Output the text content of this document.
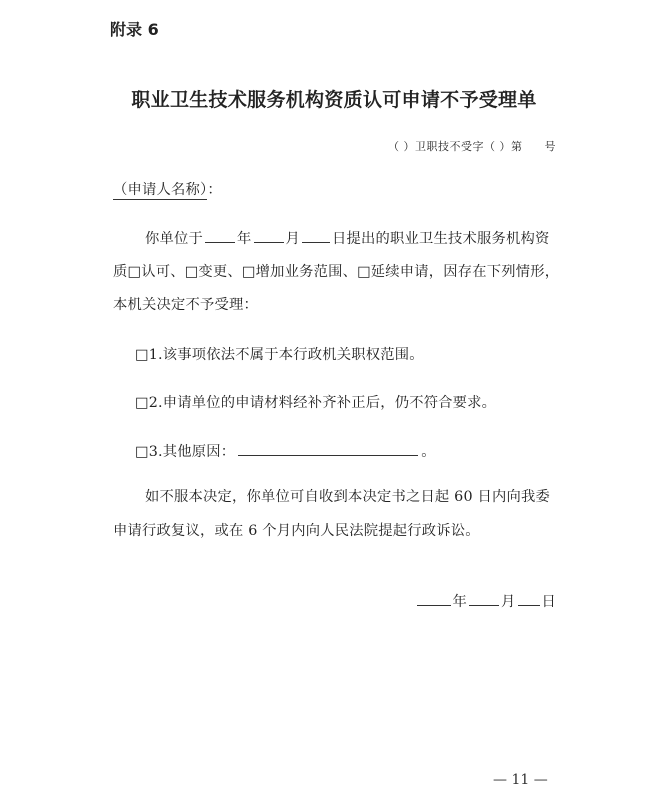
附录 6
职业卫生技术服务机构资质认可申请不予受理单
（ ）卫职技不受字（ ）第 号
（申请人名称）：
你单位于 年 月 日提出的职业卫生技术服务机构资
质□认可、□变更、□增加业务范围、□延续申请，因存在下列情形，
本机关决定不予受理：
□1.该事项依法不属于本行政机关职权范围。
□2.申请单位的申请材料经补齐补正后，仍不符合要求。
□3.其他原因：	。
如不服本决定，你单位可自收到本决定书之日起 60 日内向我委
申请行政复议，或在 6 个月内向人民法院提起行政诉讼。
年 月 日
— 11 —
